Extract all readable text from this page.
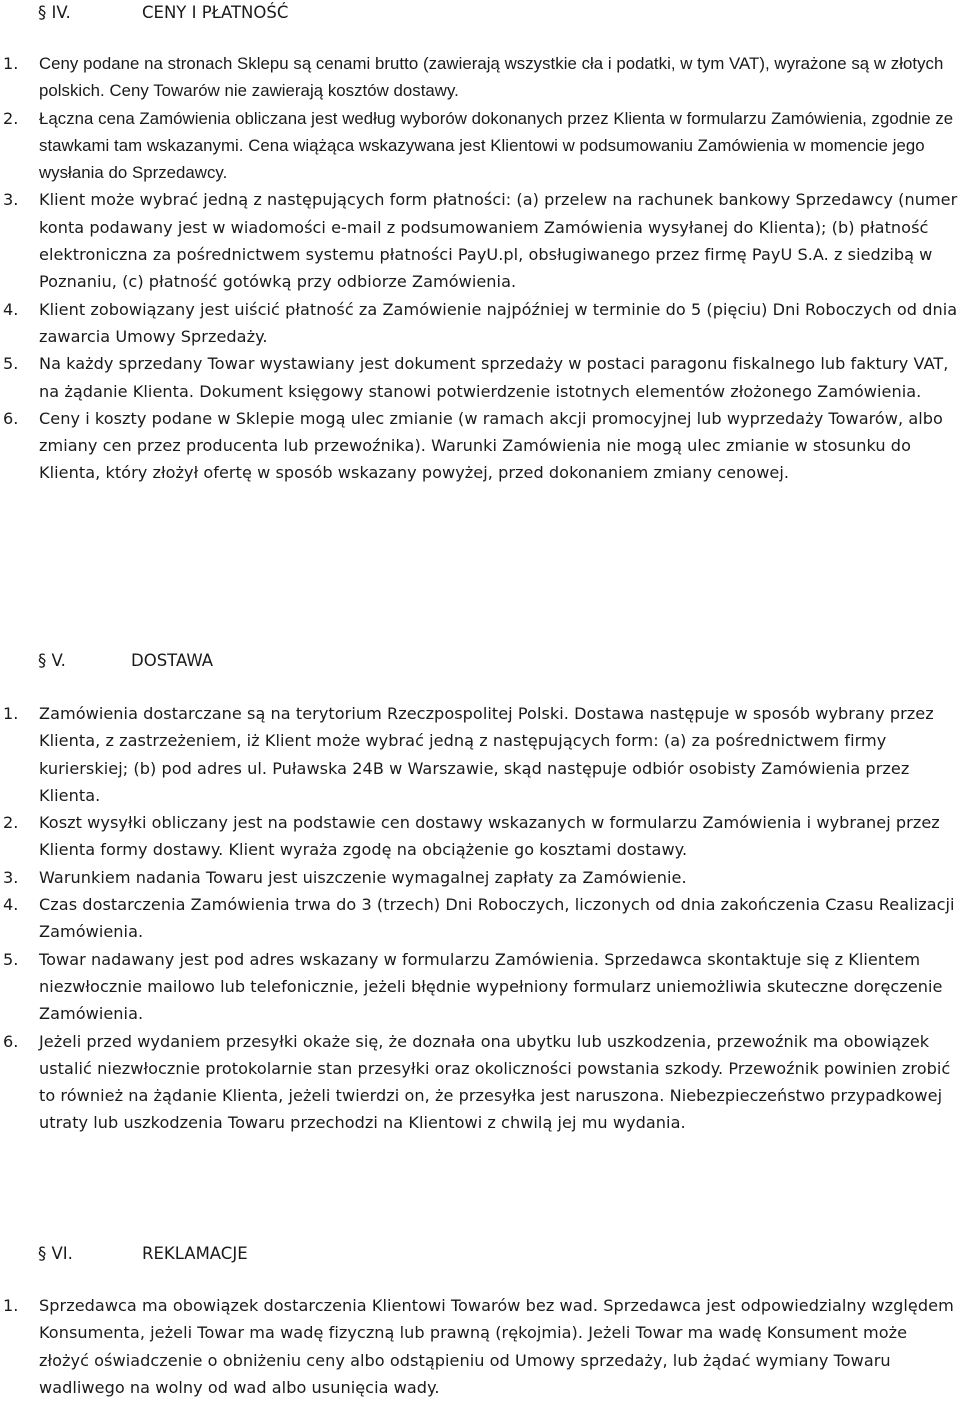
§ IV.	CENY I PŁATNOŚĆ
1. Ceny podane na stronach Sklepu są cenami brutto (zawierają wszystkie cła i podatki, w tym VAT), wyrażone są w złotych polskich. Ceny Towarów nie zawierają kosztów dostawy.
2. Łączna cena Zamówienia obliczana jest według wyborów dokonanych przez Klienta w formularzu Zamówienia, zgodnie ze stawkami tam wskazanymi. Cena wiążąca wskazywana jest Klientowi w podsumowaniu Zamówienia w momencie jego wysłania do Sprzedawcy.
3. Klient może wybrać jedną z następujących form płatności: (a) przelew na rachunek bankowy Sprzedawcy (numer konta podawany jest w wiadomości e-mail z podsumowaniem Zamówienia wysyłanej do Klienta); (b) płatność elektroniczna za pośrednictwem systemu płatności PayU.pl, obsługiwanego przez firmę PayU S.A. z siedzibą w Poznaniu, (c) płatność gotówką przy odbiorze Zamówienia.
4. Klient zobowiązany jest uiścić płatność za Zamówienie najpóźniej w terminie do 5 (pięciu) Dni Roboczych od dnia zawarcia Umowy Sprzedaży.
5. Na każdy sprzedany Towar wystawiany jest dokument sprzedaży w postaci paragonu fiskalnego lub faktury VAT, na żądanie Klienta. Dokument księgowy stanowi potwierdzenie istotnych elementów złożonego Zamówienia.
6. Ceny i koszty podane w Sklepie mogą ulec zmianie (w ramach akcji promocyjnej lub wyprzedaży Towarów, albo zmiany cen przez producenta lub przewoźnika). Warunki Zamówienia nie mogą ulec zmianie w stosunku do Klienta, który złożył ofertę w sposób wskazany powyżej, przed dokonaniem zmiany cenowej.
§ V.	DOSTAWA
1. Zamówienia dostarczane są na terytorium Rzeczpospolitej Polski. Dostawa następuje w sposób wybrany przez Klienta, z zastrzeżeniem, iż Klient może wybrać jedną z następujących form: (a) za pośrednictwem firmy kurierskiej; (b) pod adres ul. Puławska 24B w Warszawie, skąd następuje odbiór osobisty Zamówienia przez Klienta.
2. Koszt wysyłki obliczany jest na podstawie cen dostawy wskazanych w formularzu Zamówienia i wybranej przez Klienta formy dostawy. Klient wyraża zgodę na obciążenie go kosztami dostawy.
3. Warunkiem nadania Towaru jest uiszczenie wymagalnej zapłaty za Zamówienie.
4. Czas dostarczenia Zamówienia trwa do 3 (trzech) Dni Roboczych, liczonych od dnia zakończenia Czasu Realizacji Zamówienia.
5. Towar nadawany jest pod adres wskazany w formularzu Zamówienia. Sprzedawca skontaktuje się z Klientem niezwłocznie mailowo lub telefonicznie, jeżeli błędnie wypełniony formularz uniemożliwia skuteczne doręczenie Zamówienia.
6. Jeżeli przed wydaniem przesyłki okaże się, że doznała ona ubytku lub uszkodzenia, przewoźnik ma obowiązek ustalić niezwłocznie protokolarnie stan przesyłki oraz okoliczności powstania szkody. Przewoźnik powinien zrobić to również na żądanie Klienta, jeżeli twierdzi on, że przesyłka jest naruszona. Niebezpieczeństwo przypadkowej utraty lub uszkodzenia Towaru przechodzi na Klientowi z chwilą jej mu wydania.
§ VI.	REKLAMACJE
1. Sprzedawca ma obowiązek dostarczenia Klientowi Towarów bez wad. Sprzedawca jest odpowiedzialny względem Konsumenta, jeżeli Towar ma wadę fizyczną lub prawną (rękojmia). Jeżeli Towar ma wadę Konsument może złożyć oświadczenie o obniżeniu ceny albo odstąpieniu od Umowy sprzedaży, lub żądać wymiany Towaru wadliwego na wolny od wad albo usunięcia wady.
